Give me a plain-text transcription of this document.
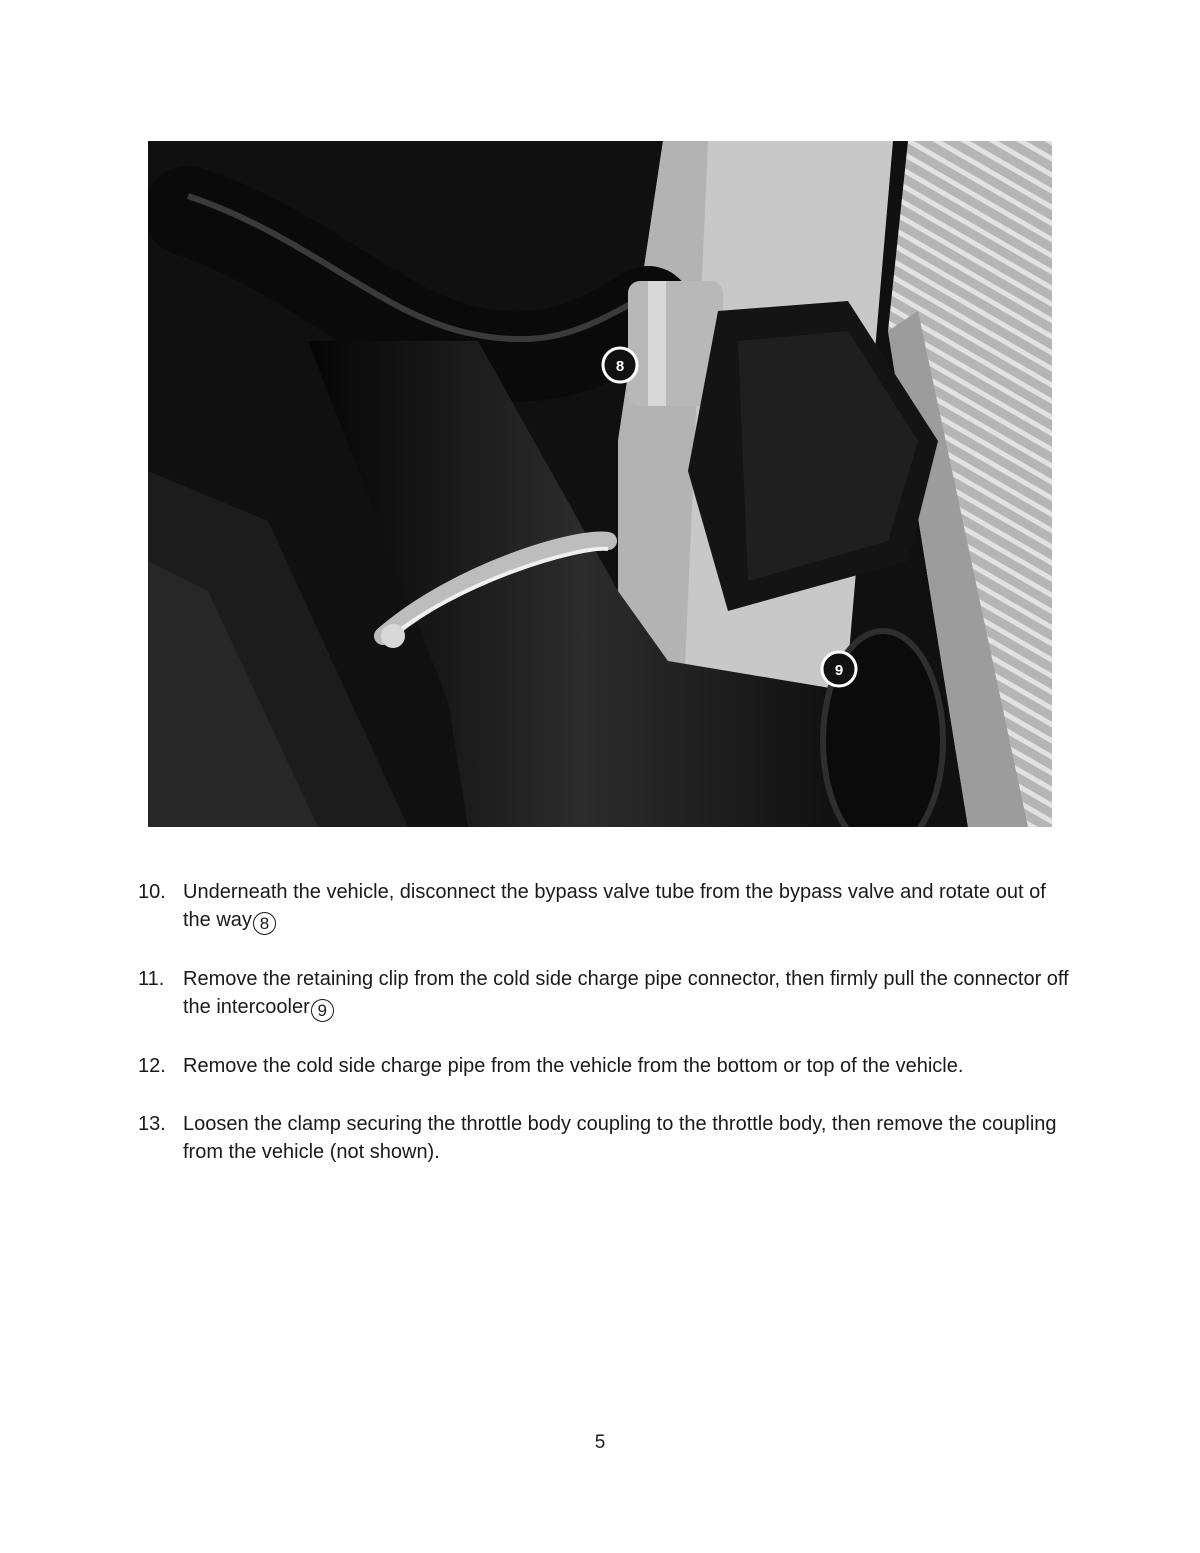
8
9
10. Underneath the vehicle, disconnect the bypass valve tube from the bypass valve and rotate out of the way 8
11. Remove the retaining clip from the cold side charge pipe connector, then firmly pull the connector off the intercooler 9
12. Remove the cold side charge pipe from the vehicle from the bottom or top of the vehicle.
13. Loosen the clamp securing the throttle body coupling to the throttle body, then remove the coupling from the vehicle (not shown).
5
